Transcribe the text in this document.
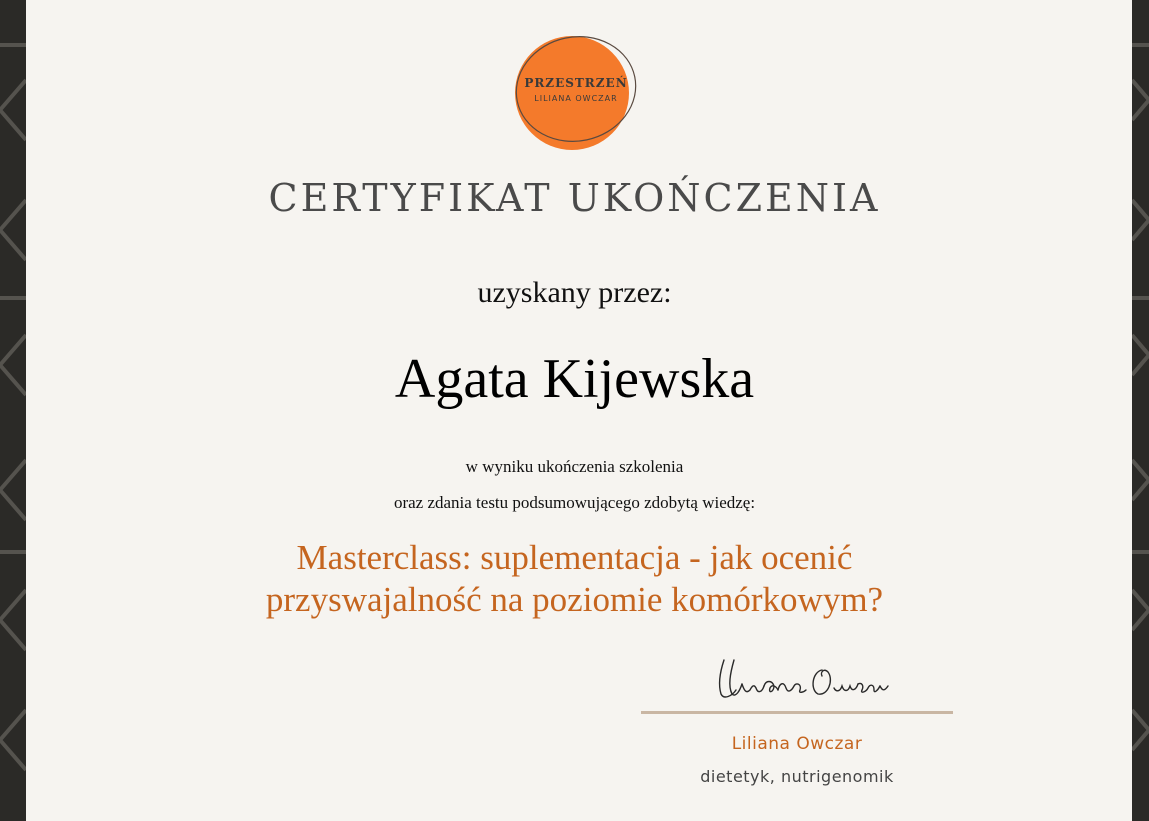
PRZESTRZEŃ
LILIANA OWCZAR
CERTYFIKAT UKOŃCZENIA
uzyskany przez:
Agata Kijewska
w wyniku ukończenia szkolenia
oraz zdania testu podsumowującego zdobytą wiedzę:
Masterclass: suplementacja - jak ocenić
przyswajalność na poziomie komórkowym?
Liliana Owczar
dietetyk, nutrigenomik
